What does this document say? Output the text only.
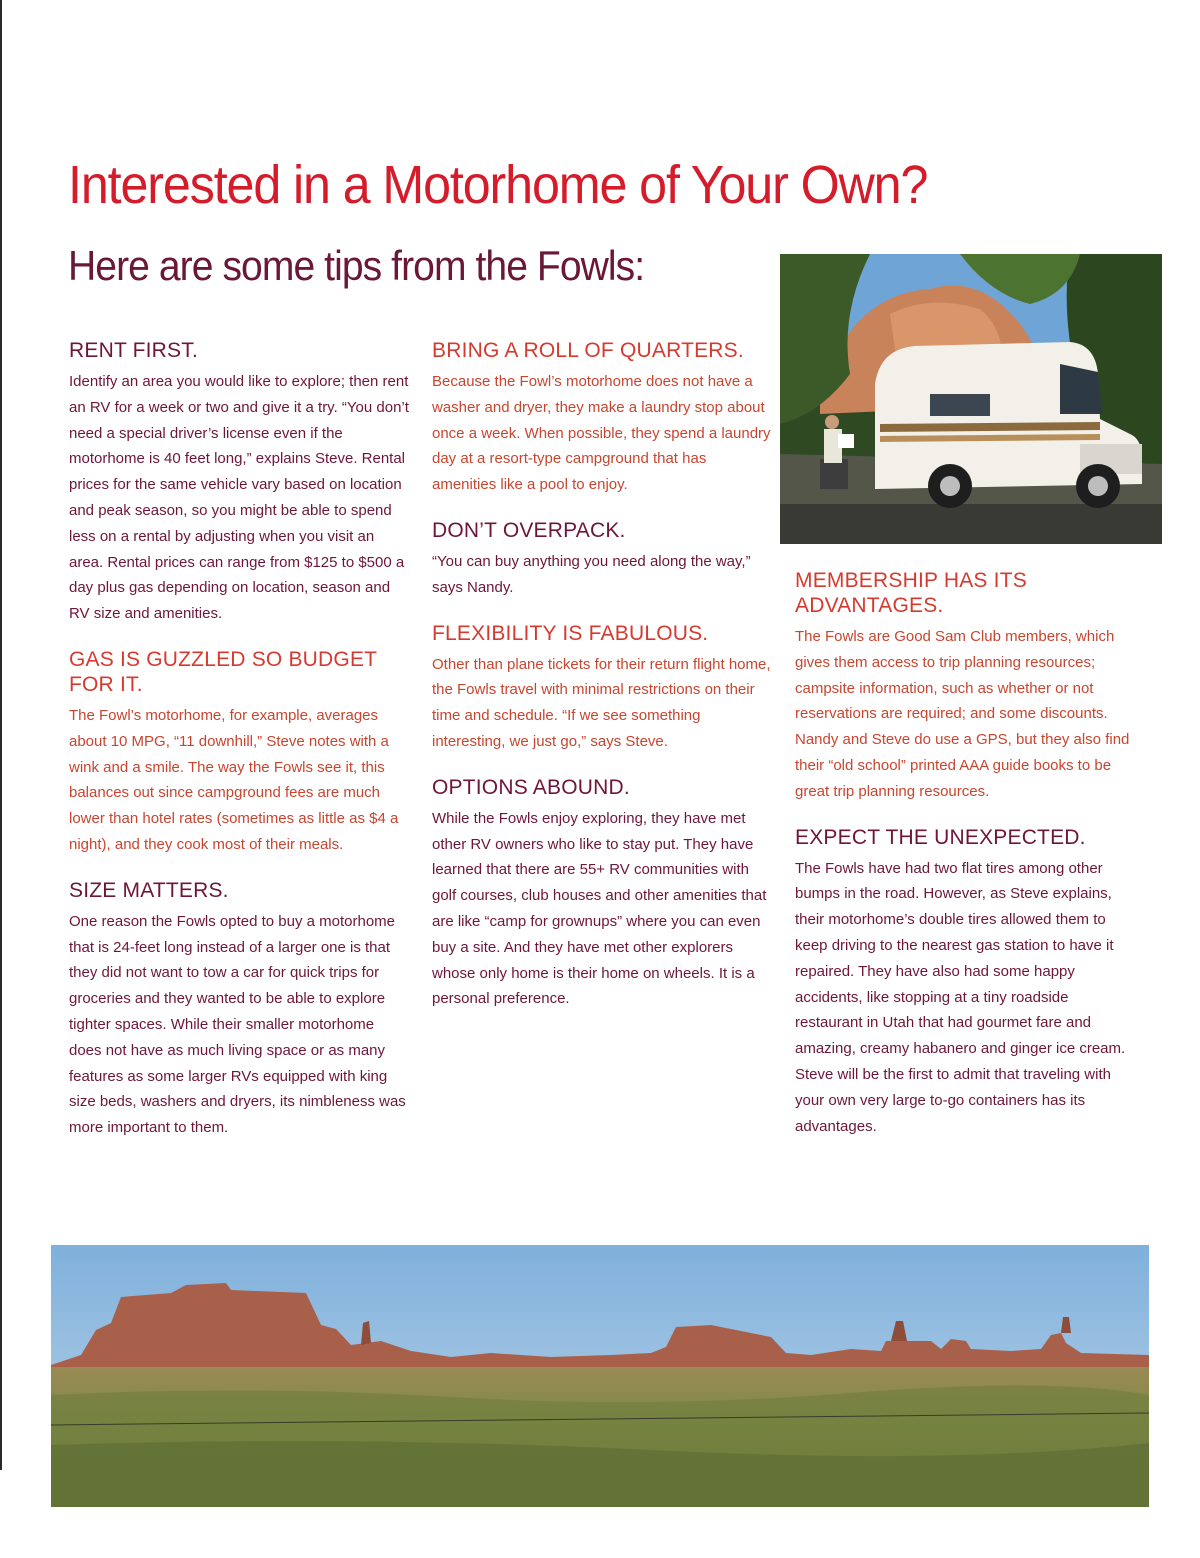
Interested in a Motorhome of Your Own?
Here are some tips from the Fowls:
RENT FIRST.

Identify an area you would like to explore; then rent an RV for a week or two and give it a try. “You don’t need a special driver’s license even if the motorhome is 40 feet long,” explains Steve. Rental prices for the same vehicle vary based on location and peak season, so you might be able to spend less on a rental by adjusting when you visit an area. Rental prices can range from $125 to $500 a day plus gas depending on location, season and RV size and amenities.

GAS IS GUZZLED SO BUDGET FOR IT.

The Fowl’s motorhome, for example, averages about 10 MPG, “11 downhill,” Steve notes with a wink and a smile. The way the Fowls see it, this balances out since campground fees are much lower than hotel rates (sometimes as little as $4 a night), and they cook most of their meals.

SIZE MATTERS.

One reason the Fowls opted to buy a motorhome that is 24-feet long instead of a larger one is that they did not want to tow a car for quick trips for groceries and they wanted to be able to explore tighter spaces. While their smaller motorhome does not have as much living space or as many features as some larger RVs equipped with king size beds, washers and dryers, its nimbleness was more important to them.

BRING A ROLL OF QUARTERS.

Because the Fowl’s motorhome does not have a washer and dryer, they make a laundry stop about once a week. When possible, they spend a laundry day at a resort-type campground that has amenities like a pool to enjoy.

DON’T OVERPACK.

“You can buy anything you need along the way,” says Nandy.

FLEXIBILITY IS FABULOUS.

Other than plane tickets for their return flight home, the Fowls travel with minimal restrictions on their time and schedule. “If we see something interesting, we just go,” says Steve.

OPTIONS ABOUND.

While the Fowls enjoy exploring, they have met other RV owners who like to stay put. They have learned that there are 55+ RV communities with golf courses, club houses and other amenities that are like “camp for grownups” where you can even buy a site. And they have met other explorers whose only home is their home on wheels. It is a personal preference.

MEMBERSHIP HAS ITS ADVANTAGES.

The Fowls are Good Sam Club members, which gives them access to trip planning resources; campsite information, such as whether or not reservations are required; and some discounts. Nandy and Steve do use a GPS, but they also find their “old school” printed AAA guide books to be great trip planning resources.

EXPECT THE UNEXPECTED.

The Fowls have had two flat tires among other bumps in the road. However, as Steve explains, their motorhome’s double tires allowed them to keep driving to the nearest gas station to have it repaired. They have also had some happy accidents, like stopping at a tiny roadside restaurant in Utah that had gourmet fare and amazing, creamy habanero and ginger ice cream. Steve will be the first to admit that traveling with your own very large to-go containers has its advantages.
